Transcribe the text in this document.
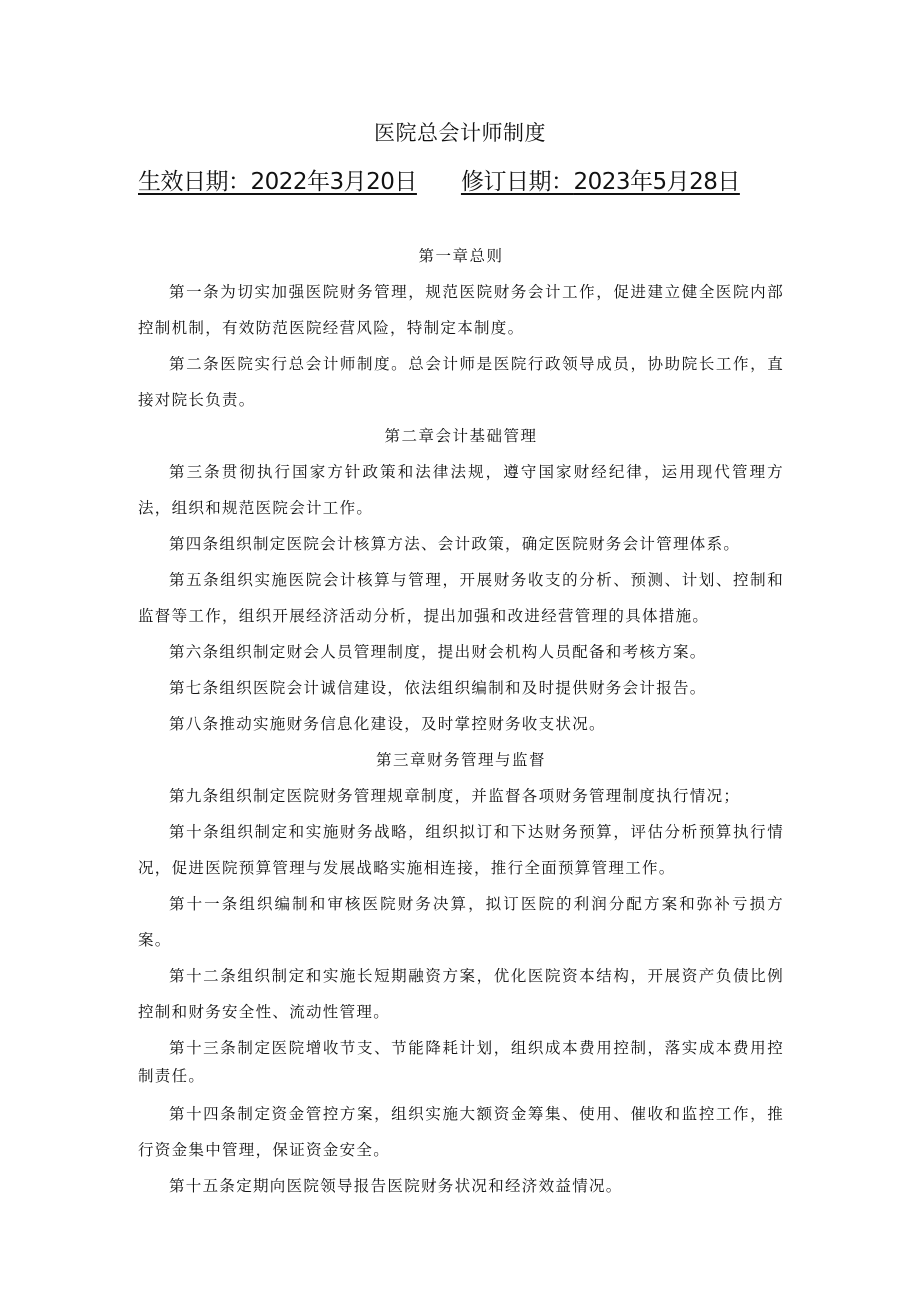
医院总会计师制度
生效日期：2022年3月20日 修订日期：2023年5月28日

第一章总则

第一条为切实加强医院财务管理，规范医院财务会计工作，促进建立健全医院内部控制机制，有效防范医院经营风险，特制定本制度。

第二条医院实行总会计师制度。总会计师是医院行政领导成员，协助院长工作，直接对院长负责。

第二章会计基础管理

第三条贯彻执行国家方针政策和法律法规，遵守国家财经纪律，运用现代管理方法，组织和规范医院会计工作。

第四条组织制定医院会计核算方法、会计政策，确定医院财务会计管理体系。

第五条组织实施医院会计核算与管理，开展财务收支的分析、预测、计划、控制和监督等工作，组织开展经济活动分析，提出加强和改进经营管理的具体措施。

第六条组织制定财会人员管理制度，提出财会机构人员配备和考核方案。

第七条组织医院会计诚信建设，依法组织编制和及时提供财务会计报告。

第八条推动实施财务信息化建设，及时掌控财务收支状况。

第三章财务管理与监督

第九条组织制定医院财务管理规章制度，并监督各项财务管理制度执行情况；

第十条组织制定和实施财务战略，组织拟订和下达财务预算，评估分析预算执行情况，促进医院预算管理与发展战略实施相连接，推行全面预算管理工作。

第十一条组织编制和审核医院财务决算，拟订医院的利润分配方案和弥补亏损方案。

第十二条组织制定和实施长短期融资方案，优化医院资本结构，开展资产负债比例控制和财务安全性、流动性管理。

第十三条制定医院增收节支、节能降耗计划，组织成本费用控制，落实成本费用控制责任。

第十四条制定资金管控方案，组织实施大额资金筹集、使用、催收和监控工作，推行资金集中管理，保证资金安全。

第十五条定期向医院领导报告医院财务状况和经济效益情况。
